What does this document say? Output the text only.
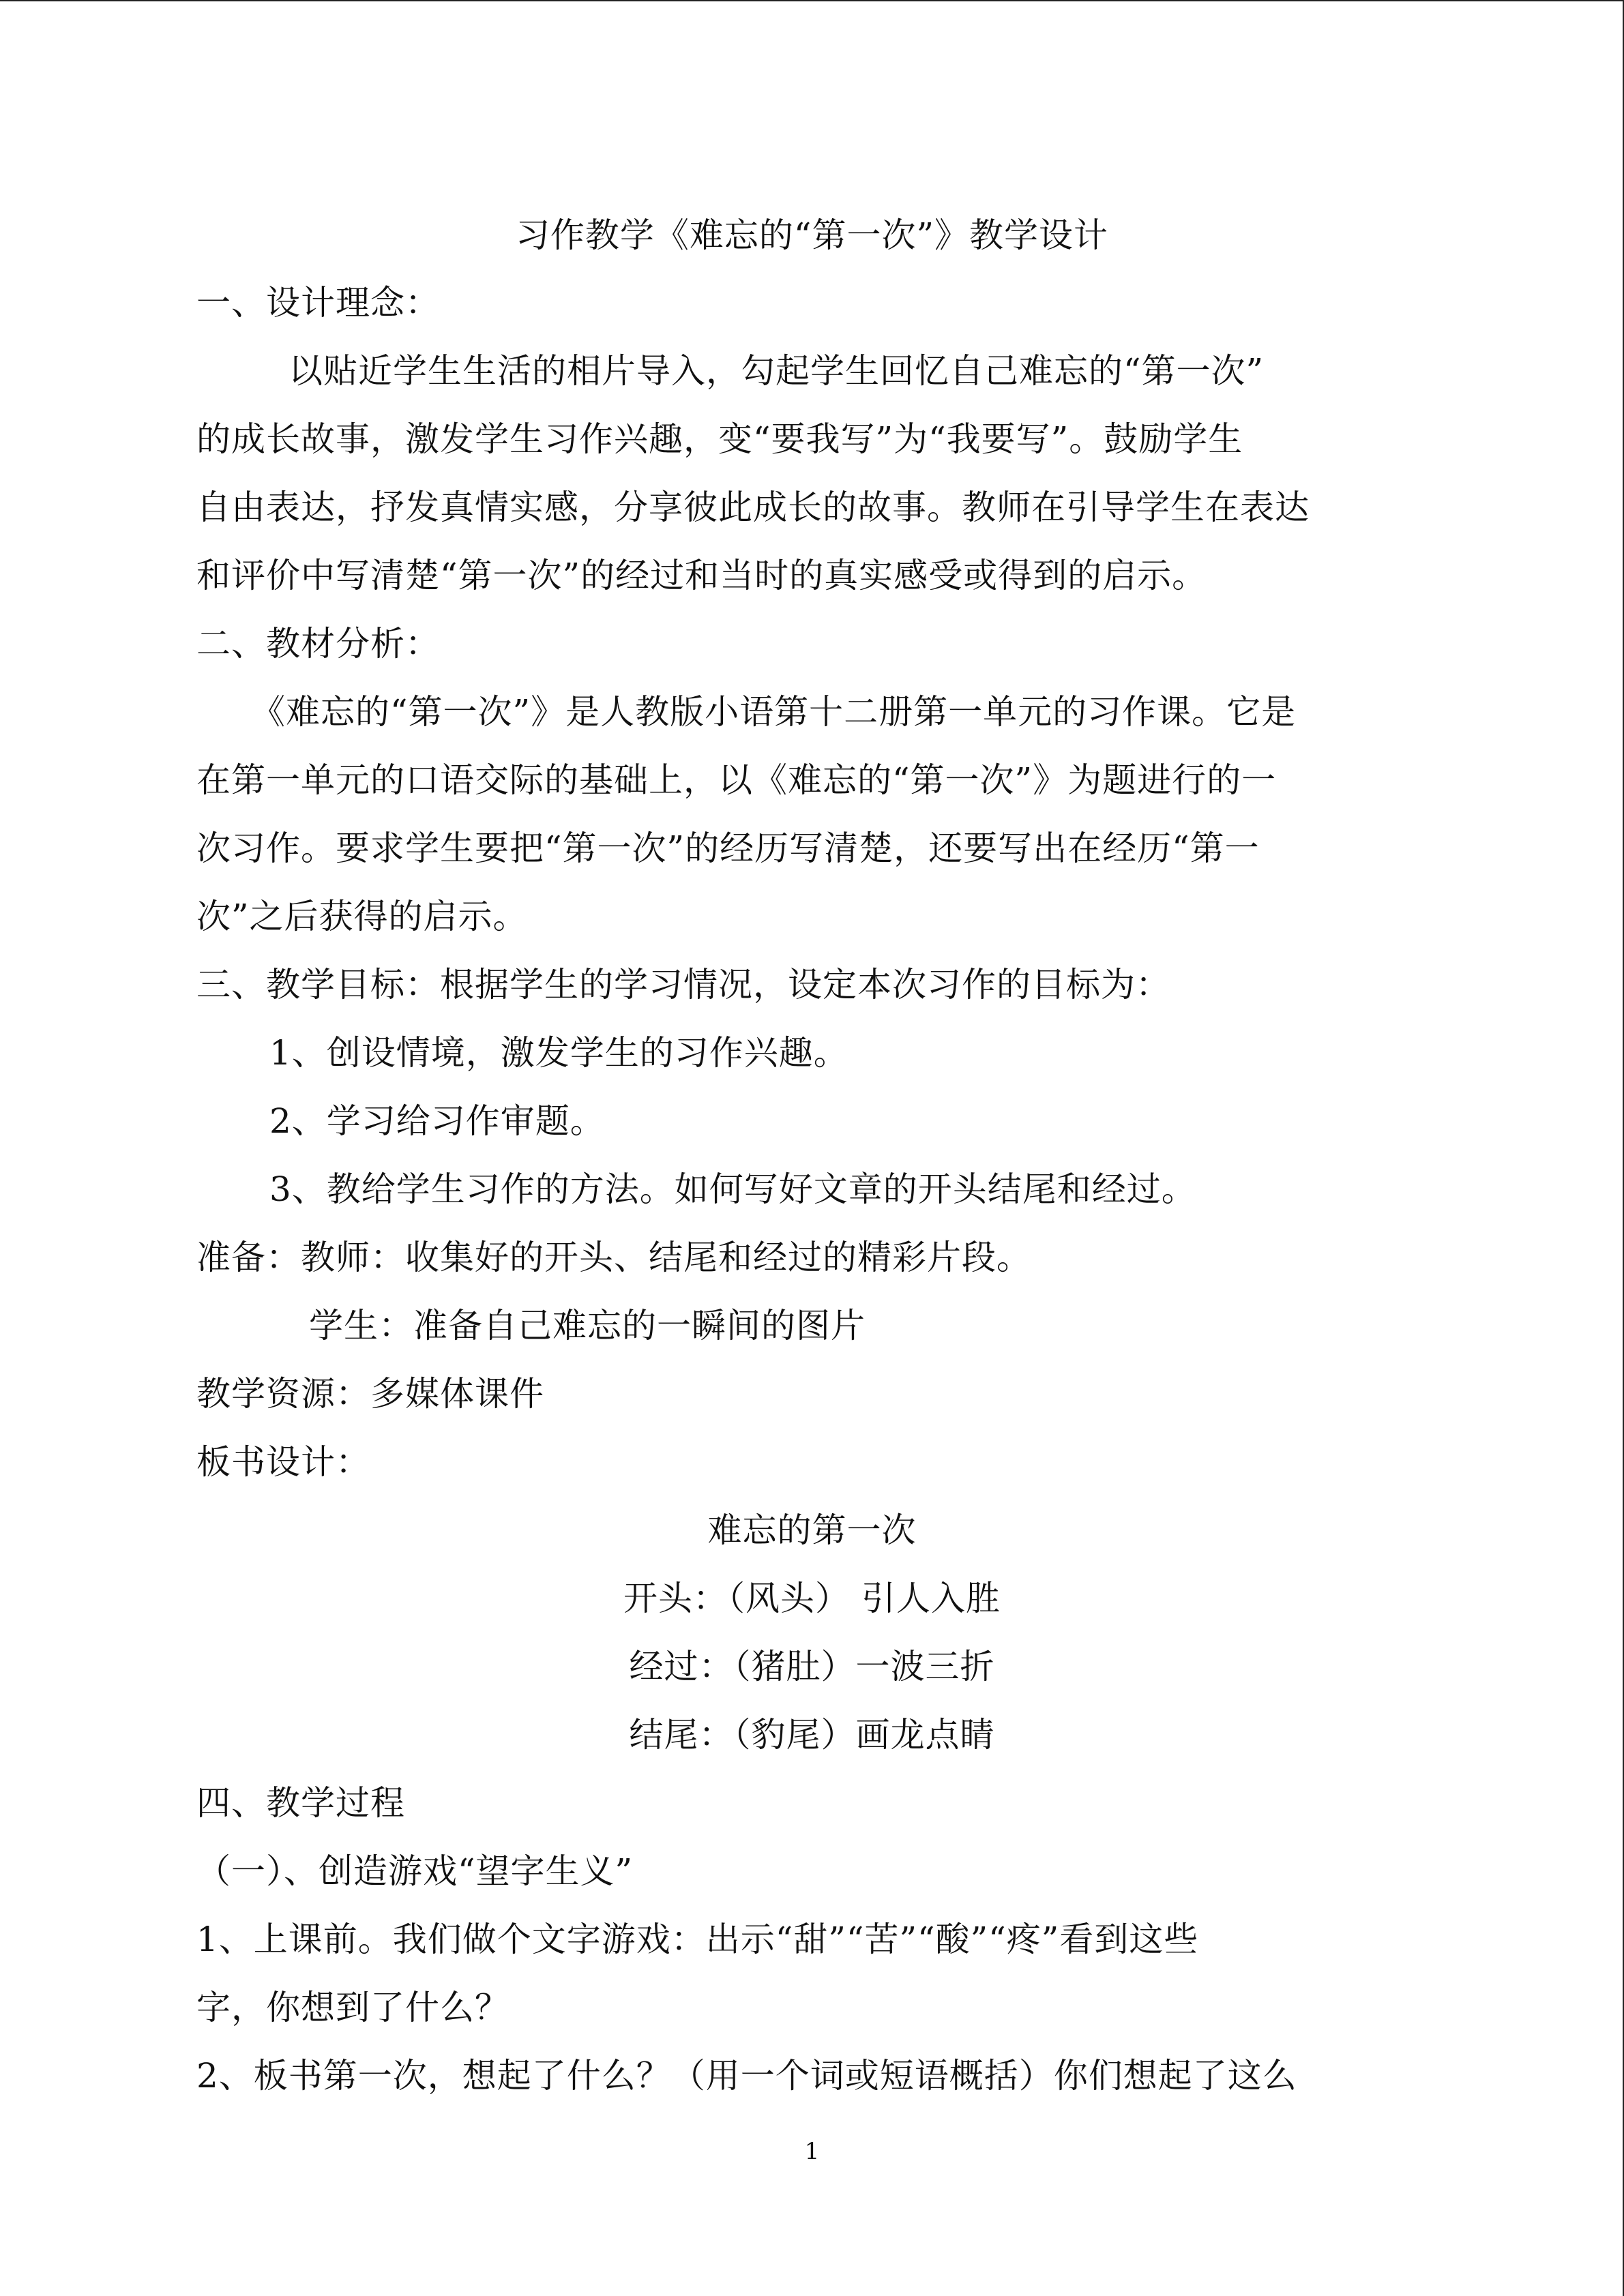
习作教学《难忘的“第一次”》教学设计
一、设计理念：
以贴近学生生活的相片导入，勾起学生回忆自己难忘的“第一次”
的成长故事，激发学生习作兴趣，变“要我写”为“我要写”。鼓励学生
自由表达，抒发真情实感，分享彼此成长的故事。教师在引导学生在表达
和评价中写清楚“第一次”的经过和当时的真实感受或得到的启示。
二、教材分析：
《难忘的“第一次”》是人教版小语第十二册第一单元的习作课。它是
在第一单元的口语交际的基础上，以《难忘的“第一次”》为题进行的一
次习作。要求学生要把“第一次”的经历写清楚，还要写出在经历“第一
次”之后获得的启示。
三、教学目标：根据学生的学习情况，设定本次习作的目标为：
1、创设情境，激发学生的习作兴趣。
2、学习给习作审题。
3、教给学生习作的方法。如何写好文章的开头结尾和经过。
准备：教师：收集好的开头、结尾和经过的精彩片段。
学生：准备自己难忘的一瞬间的图片
教学资源：多媒体课件
板书设计：
难忘的第一次
开头：（风头） 引人入胜
经过：（猪肚）一波三折
结尾：（豹尾）画龙点睛
四、教学过程
（一）、创造游戏“望字生义”
1、上课前。我们做个文字游戏：出示“甜”“苦”“酸”“疼”看到这些
字，你想到了什么？
2、板书第一次，想起了什么？（用一个词或短语概括）你们想起了这么
1
